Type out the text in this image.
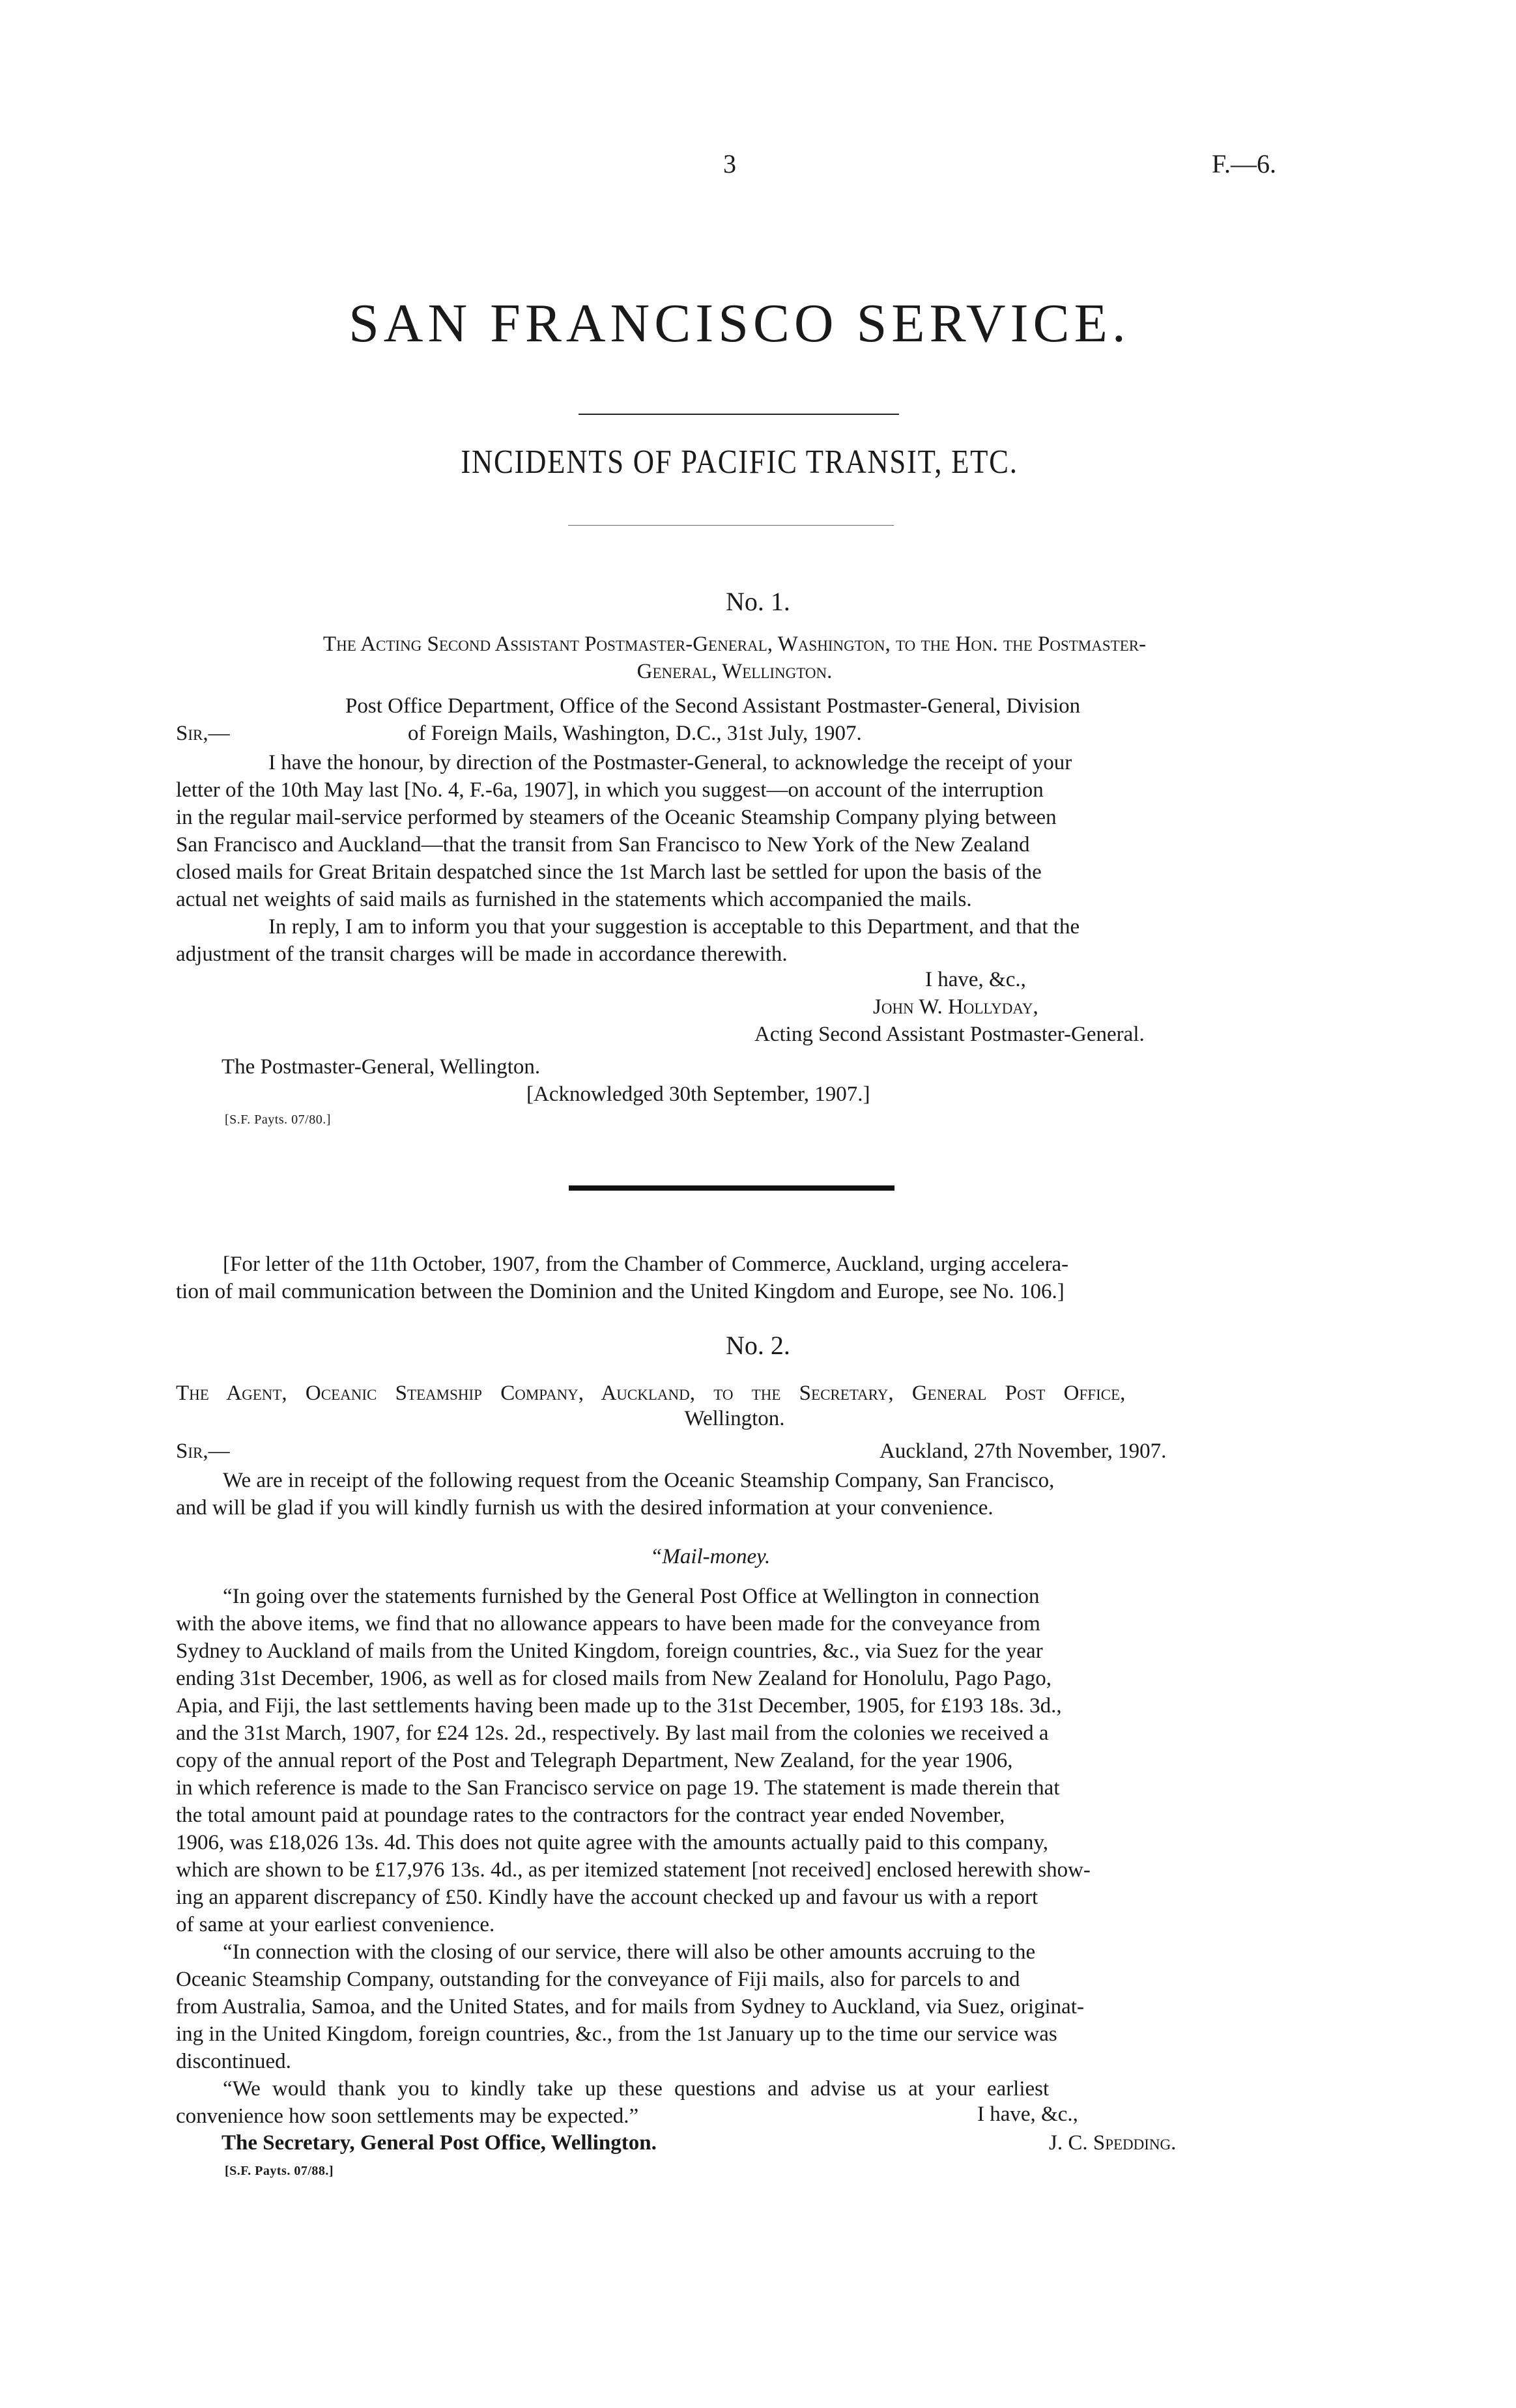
3	F.—6.
SAN FRANCISCO SERVICE.
INCIDENTS OF PACIFIC TRANSIT, ETC.
No. 1.
The Acting Second Assistant Postmaster-General, Washington, to the Hon. the Postmaster-
General, Wellington.
Post Office Department, Office of the Second Assistant Postmaster-General, Division
Sir,—	of Foreign Mails, Washington, D.C., 31st July, 1907.
I have the honour, by direction of the Postmaster-General, to acknowledge the receipt of your
letter of the 10th May last [No. 4, F.-6a, 1907], in which you suggest—on account of the interruption
in the regular mail-service performed by steamers of the Oceanic Steamship Company plying between
San Francisco and Auckland—that the transit from San Francisco to New York of the New Zealand
closed mails for Great Britain despatched since the 1st March last be settled for upon the basis of the
actual net weights of said mails as furnished in the statements which accompanied the mails.
In reply, I am to inform you that your suggestion is acceptable to this Department, and that the
adjustment of the transit charges will be made in accordance therewith.
I have, &c.,
John W. Hollyday,
Acting Second Assistant Postmaster-General.
The Postmaster-General, Wellington.
[Acknowledged 30th September, 1907.]
[S.F. Payts. 07/80.]
[For letter of the 11th October, 1907, from the Chamber of Commerce, Auckland, urging accelera-
tion of mail communication between the Dominion and the United Kingdom and Europe, see No. 106.]
No. 2.
The Agent, Oceanic Steamship Company, Auckland, to the Secretary, General Post Office,
Wellington.
Sir,—	Auckland, 27th November, 1907.
We are in receipt of the following request from the Oceanic Steamship Company, San Francisco,
and will be glad if you will kindly furnish us with the desired information at your convenience.
“Mail-money.
“In going over the statements furnished by the General Post Office at Wellington in connection
with the above items, we find that no allowance appears to have been made for the conveyance from
Sydney to Auckland of mails from the United Kingdom, foreign countries, &c., via Suez for the year
ending 31st December, 1906, as well as for closed mails from New Zealand for Honolulu, Pago Pago,
Apia, and Fiji, the last settlements having been made up to the 31st December, 1905, for £193 18s. 3d.,
and the 31st March, 1907, for £24 12s. 2d., respectively. By last mail from the colonies we received a
copy of the annual report of the Post and Telegraph Department, New Zealand, for the year 1906,
in which reference is made to the San Francisco service on page 19. The statement is made therein that
the total amount paid at poundage rates to the contractors for the contract year ended November,
1906, was £18,026 13s. 4d. This does not quite agree with the amounts actually paid to this company,
which are shown to be £17,976 13s. 4d., as per itemized statement [not received] enclosed herewith show-
ing an apparent discrepancy of £50. Kindly have the account checked up and favour us with a report
of same at your earliest convenience.
“In connection with the closing of our service, there will also be other amounts accruing to the
Oceanic Steamship Company, outstanding for the conveyance of Fiji mails, also for parcels to and
from Australia, Samoa, and the United States, and for mails from Sydney to Auckland, via Suez, originat-
ing in the United Kingdom, foreign countries, &c., from the 1st January up to the time our service was
discontinued.
“We would thank you to kindly take up these questions and advise us at your earliest
convenience how soon settlements may be expected.”	I have, &c.,
The Secretary, General Post Office, Wellington.	J. C. Spedding.
[S.F. Payts. 07/88.]
